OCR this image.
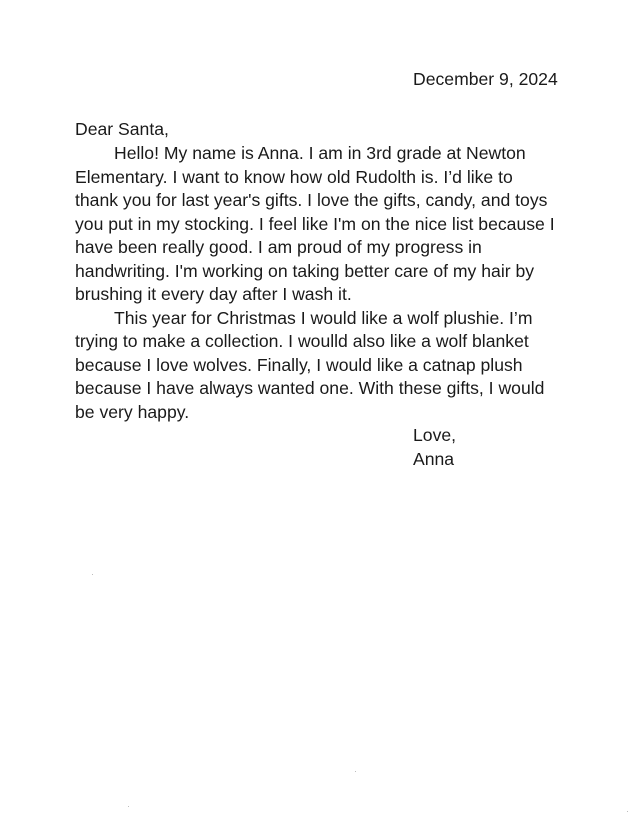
December 9, 2024
Dear Santa,
Hello! My name is Anna. I am in 3rd grade at Newton
Elementary. I want to know how old Rudolth is. I’d like to
thank you for last year's gifts. I love the gifts, candy, and toys
you put in my stocking. I feel like I'm on the nice list because I
have been really good. I am proud of my progress in
handwriting. I'm working on taking better care of my hair by
brushing it every day after I wash it.
This year for Christmas I would like a wolf plushie. I’m
trying to make a collection. I woulld also like a wolf blanket
because I love wolves. Finally, I would like a catnap plush
because I have always wanted one. With these gifts, I would
be very happy.
Love,
Anna
